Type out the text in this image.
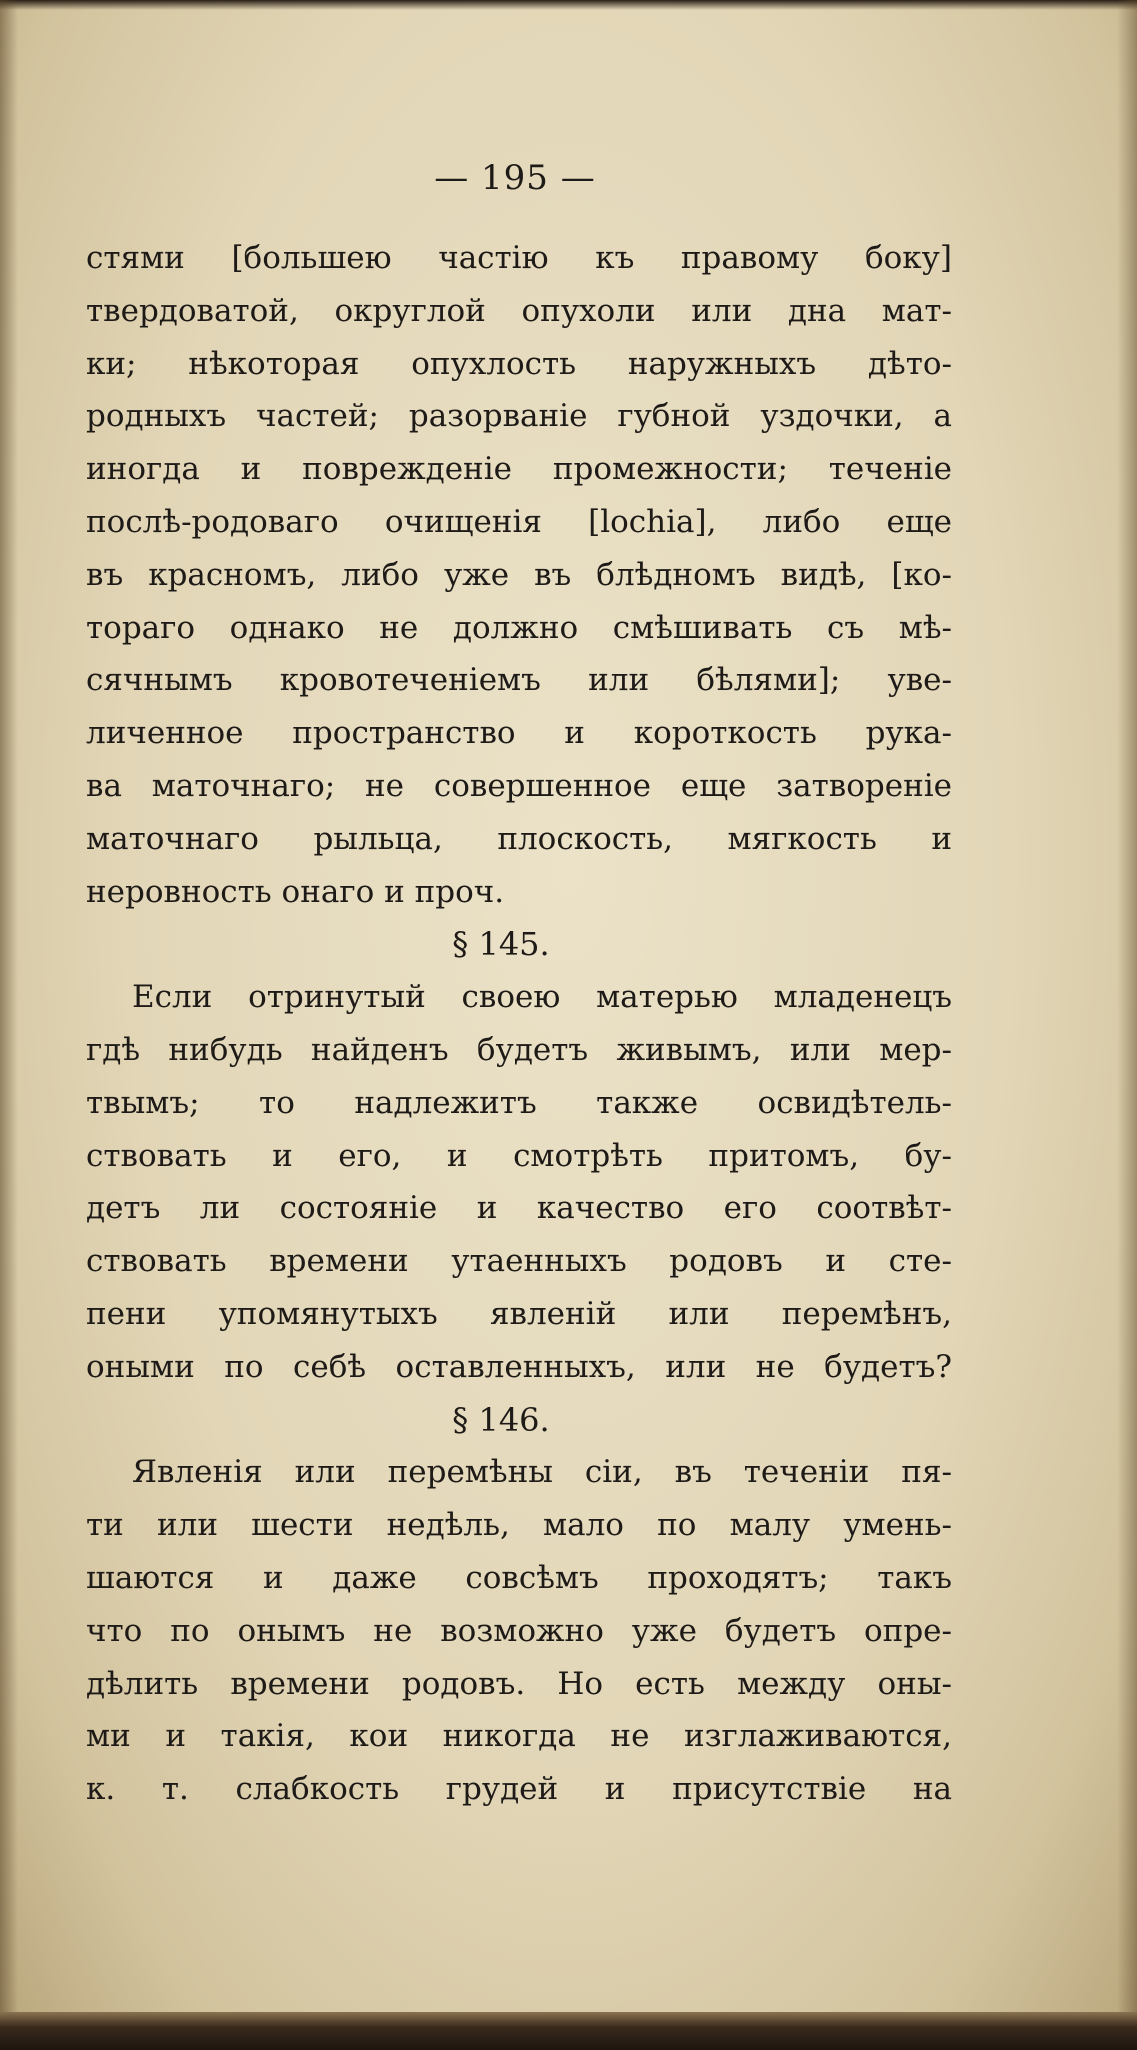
— 195 —
стями [большею частію къ правому боку]
твердоватой, округлой опухоли или дна мат-
ки; нѣкоторая опухлость наружныхъ дѣто-
родныхъ частей; разорванiе губной уздочки, а
иногда и поврежденiе промежности; теченiе
послѣ-родоваго очищенія [lochia], либо еще
въ красномъ, либо уже въ блѣдномъ видѣ, [ко-
тораго однако не должно смѣшивать съ мѣ-
сячнымъ кровотеченiемъ или бѣлями]; уве-
личенное пространство и короткость рука-
ва маточнаго; не совершенное еще затворенiе
маточнаго рыльца, плоскость, мягкость и
неровность онаго и проч.
§ 145.
Если отринутый своею матерью младенецъ
гдѣ нибудь найденъ будетъ живымъ, или мер-
твымъ; то надлежитъ также освидѣтель-
ствовать и его, и смотрѣть притомъ, бу-
детъ ли состоянiе и качество его соотвѣт-
ствовать времени утаенныхъ родовъ и сте-
пени упомянутыхъ явленiй или перемѣнъ,
оными по себѣ оставленныхъ, или не будетъ?
§ 146.
Явленiя или перемѣны сiи, въ теченiи пя-
ти или шести недѣль, мало по малу умень-
шаются и даже совсѣмъ проходятъ; такъ
что по онымъ не возможно уже будетъ опре-
дѣлить времени родовъ. Но есть между оны-
ми и такія, кои никогда не изглаживаются,
к. т. слабкость грудей и присутствiе на
